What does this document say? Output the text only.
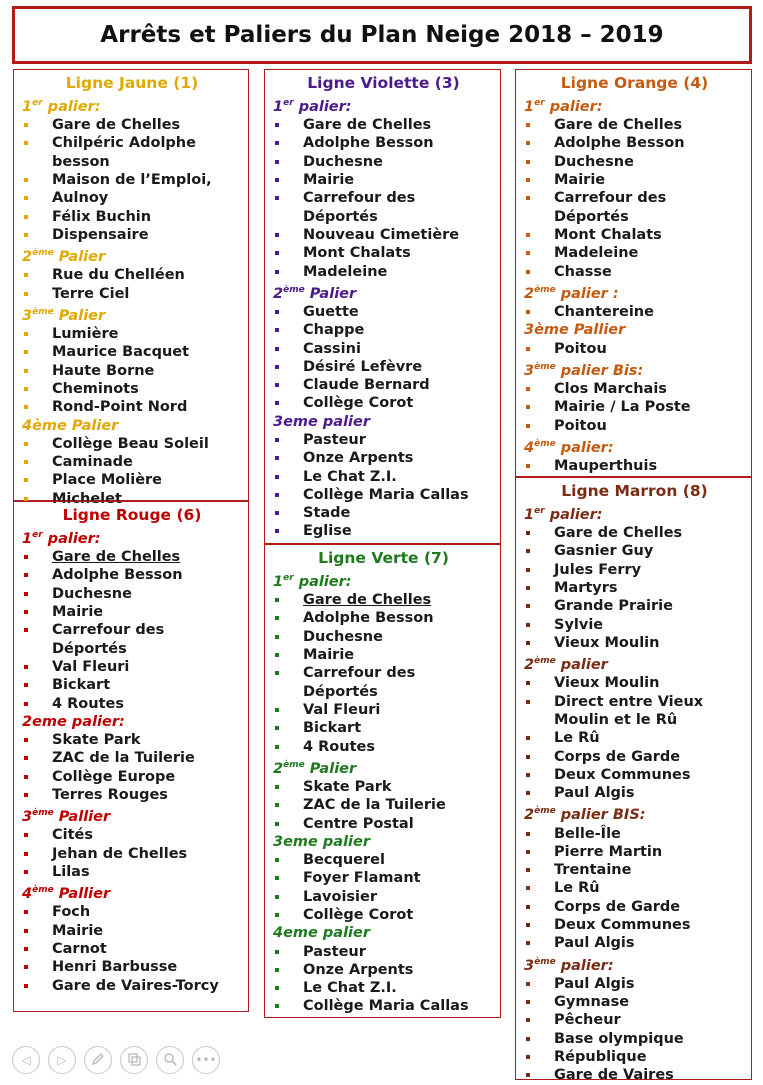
Arrêts et Paliers du Plan Neige 2018 – 2019
Ligne Jaune (1)
1er palier:
Gare de Chelles
Chilpéric Adolphe
besson
Maison de l’Emploi,
Aulnoy
Félix Buchin
Dispensaire
2ème Palier
Rue du Chelléen
Terre Ciel
3ème Palier
Lumière
Maurice Bacquet
Haute Borne
Cheminots
Rond-Point Nord
4ème Palier
Collège Beau Soleil
Caminade
Place Molière
Michelet
Ligne Rouge (6)
1er palier:
Gare de Chelles
Adolphe Besson
Duchesne
Mairie
Carrefour des
Déportés
Val Fleuri
Bickart
4 Routes
2eme palier:
Skate Park
ZAC de la Tuilerie
Collège Europe
Terres Rouges
3ème Pallier
Cités
Jehan de Chelles
Lilas
4ème Pallier
Foch
Mairie
Carnot
Henri Barbusse
Gare de Vaires-Torcy
Ligne Violette (3)
1er palier:
Gare de Chelles
Adolphe Besson
Duchesne
Mairie
Carrefour des
Déportés
Nouveau Cimetière
Mont Chalats
Madeleine
2ème Palier
Guette
Chappe
Cassini
Désiré Lefèvre
Claude Bernard
Collège Corot
3eme palier
Pasteur
Onze Arpents
Le Chat Z.I.
Collège Maria Callas
Stade
Eglise
Ligne Verte (7)
1er palier:
Gare de Chelles
Adolphe Besson
Duchesne
Mairie
Carrefour des
Déportés
Val Fleuri
Bickart
4 Routes
2ème Palier
Skate Park
ZAC de la Tuilerie
Centre Postal
3eme palier
Becquerel
Foyer Flamant
Lavoisier
Collège Corot
4eme palier
Pasteur
Onze Arpents
Le Chat Z.I.
Collège Maria Callas
Ligne Orange (4)
1er palier:
Gare de Chelles
Adolphe Besson
Duchesne
Mairie
Carrefour des
Déportés
Mont Chalats
Madeleine
Chasse
2ème palier :
Chantereine
3ème Pallier
Poitou
3ème palier Bis:
Clos Marchais
Mairie / La Poste
Poitou
4ème palier:
Mauperthuis
Ligne Marron (8)
1er palier:
Gare de Chelles
Gasnier Guy
Jules Ferry
Martyrs
Grande Prairie
Sylvie
Vieux Moulin
2ème palier
Vieux Moulin
Direct entre Vieux
Moulin et le Rû
Le Rû
Corps de Garde
Deux Communes
Paul Algis
2ème palier BIS:
Belle-Île
Pierre Martin
Trentaine
Le Rû
Corps de Garde
Deux Communes
Paul Algis
3ème palier:
Paul Algis
Gymnase
Pêcheur
Base olympique
République
Gare de Vaires
◁ ▷	•••
